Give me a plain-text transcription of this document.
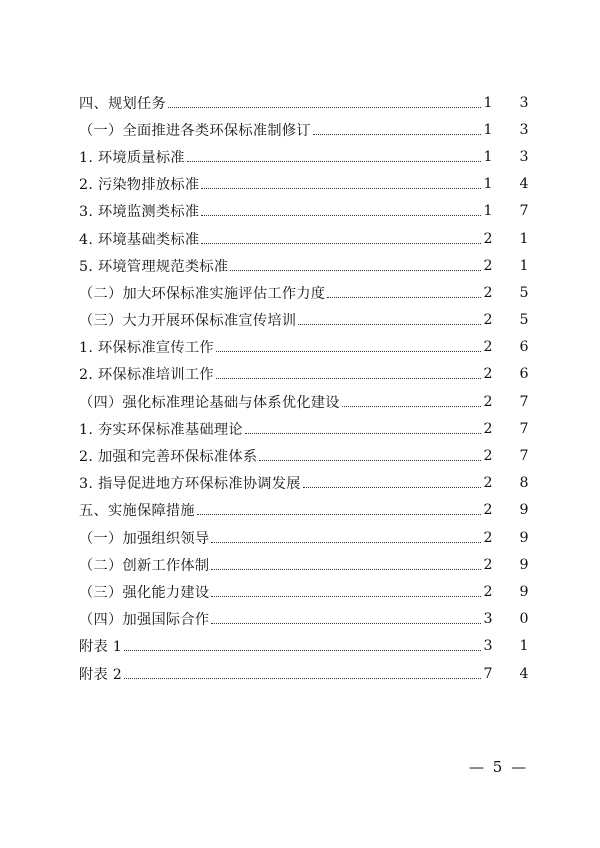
四、规划任务	1 3
（一）全面推进各类环保标准制修订	1 3
1. 环境质量标准	1 3
2. 污染物排放标准	1 4
3. 环境监测类标准	1 7
4. 环境基础类标准	2 1
5. 环境管理规范类标准	2 1
（二）加大环保标准实施评估工作力度	2 5
（三）大力开展环保标准宣传培训	2 5
1. 环保标准宣传工作	2 6
2. 环保标准培训工作	2 6
（四）强化标准理论基础与体系优化建设	2 7
1. 夯实环保标准基础理论	2 7
2. 加强和完善环保标准体系	2 7
3. 指导促进地方环保标准协调发展	2 8
五、实施保障措施	2 9
（一）加强组织领导	2 9
（二）创新工作体制	2 9
（三）强化能力建设	2 9
（四）加强国际合作	3 0
附表 1	3 1
附表 2	7 4
— 5 —
